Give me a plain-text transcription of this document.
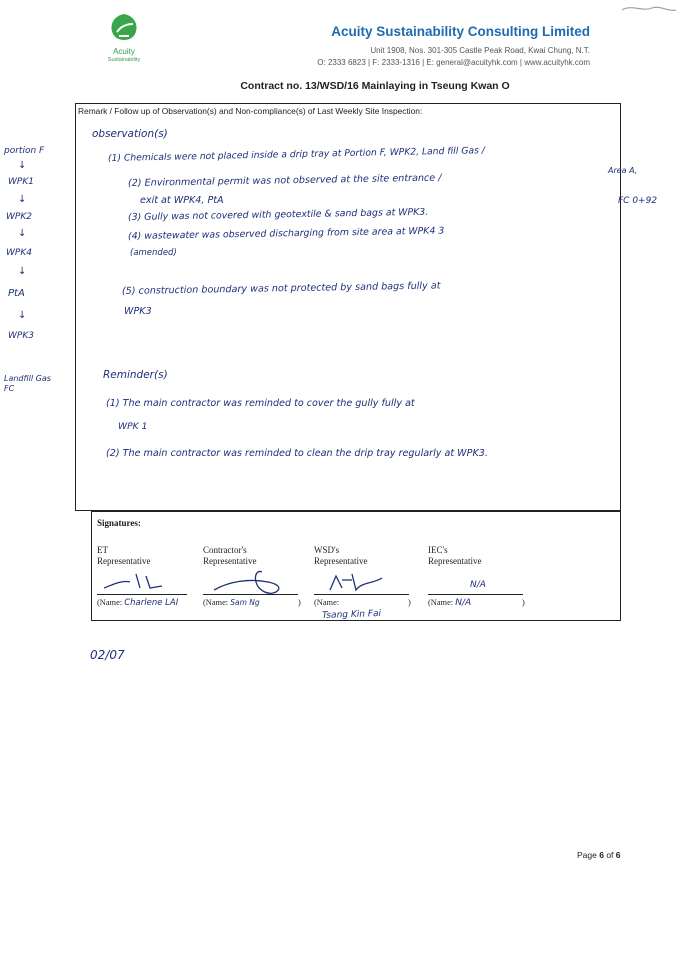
Acuity
Sustainability
Acuity Sustainability Consulting Limited
Unit 1908, Nos. 301-305 Castle Peak Road, Kwai Chung, N.T.
O: 2333 6823 | F: 2333-1316 | E: general@acuityhk.com | www.acuityhk.com
Contract no. 13/WSD/16 Mainlaying in Tseung Kwan O
portion F
↓
WPK1
↓
WPK2
↓
WPK4
↓
PtA
↓
WPK3
Landfill Gas FC
Remark / Follow up of Observation(s) and Non-compliance(s) of Last Weekly Site Inspection:
observation(s)
(1) Chemicals were not placed inside a drip tray at Portion F, WPK2, Land fill Gas /
Area A,
(2) Environmental permit was not observed at the site entrance /
exit at WPK4, PtA	FC 0+92
(3) Gully was not covered with geotextile & sand bags at WPK3.
(4) wastewater was observed discharging from site area at WPK4 3
(amended)
(5) construction boundary was not protected by sand bags fully at
WPK3
Reminder(s)
(1) The main contractor was reminded to cover the gully fully at
WPK 1
(2) The main contractor was reminded to clean the drip tray regularly at WPK3.
Signatures:
ET
Representative
(Name: Charlene LAI
Contractor's
Representative
(Name: Sam Ng	)
WSD's
Representative
(Name:	)
Tsang Kin Fai
IEC's
Representative
N/A
(Name: N/A	)
02/07
Page 6 of 6
